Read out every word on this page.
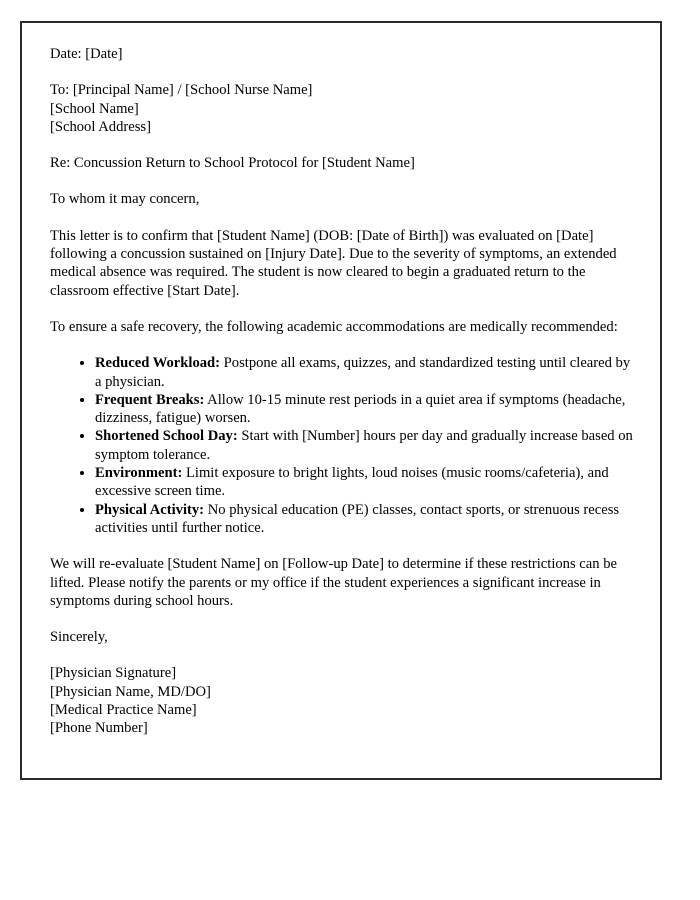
Date: [Date]

To: [Principal Name] / [School Nurse Name]

[School Name]

[School Address]

Re: Concussion Return to School Protocol for [Student Name]

To whom it may concern,

This letter is to confirm that [Student Name] (DOB: [Date of Birth]) was evaluated on [Date] following a concussion sustained on [Injury Date]. Due to the severity of symptoms, an extended medical absence was required. The student is now cleared to begin a graduated return to the classroom effective [Start Date].

To ensure a safe recovery, the following academic accommodations are medically recommended:

• Reduced Workload: Postpone all exams, quizzes, and standardized testing until cleared by a physician.
• Frequent Breaks: Allow 10-15 minute rest periods in a quiet area if symptoms (headache, dizziness, fatigue) worsen.
• Shortened School Day: Start with [Number] hours per day and gradually increase based on symptom tolerance.
• Environment: Limit exposure to bright lights, loud noises (music rooms/cafeteria), and excessive screen time.
• Physical Activity: No physical education (PE) classes, contact sports, or strenuous recess activities until further notice.

We will re-evaluate [Student Name] on [Follow-up Date] to determine if these restrictions can be lifted. Please notify the parents or my office if the student experiences a significant increase in symptoms during school hours.

Sincerely,

[Physician Signature]

[Physician Name, MD/DO]

[Medical Practice Name]

[Phone Number]
